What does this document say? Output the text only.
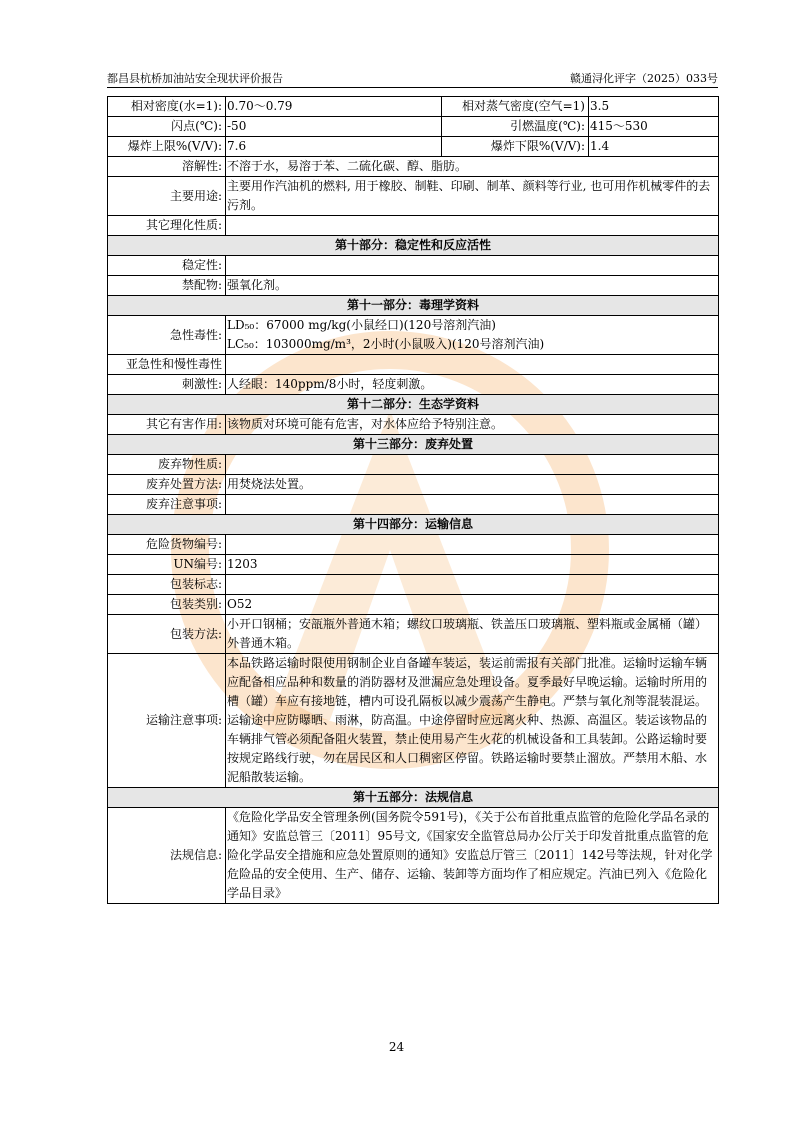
都昌县杭桥加油站安全现状评价报告	赣通浔化评字（2025）033号
相对密度(水=1):	0.70～0.79	相对蒸气密度(空气=1)	3.5
闪点(℃):	-50	引燃温度(℃):	415～530
爆炸上限%(V/V):	7.6	爆炸下限%(V/V):	1.4
溶解性:	不溶于水，易溶于苯、二硫化碳、醇、脂肪。		
主要用途:	主要用作汽油机的燃料, 用于橡胶、制鞋、印刷、制革、颜料等行业, 也可用作机械零件的去污剂。		
其它理化性质:			
第十部分：稳定性和反应活性			
稳定性:			
禁配物:	强氧化剂。		
第十一部分：毒理学资料			
急性毒性:	LD₅₀：67000 mg/kg(小鼠经口)(120号溶剂汽油)
LC₅₀：103000mg/m³，2小时(小鼠吸入)(120号溶剂汽油)		

亚急性和慢性毒性			
刺激性:	人经眼：140ppm/8小时，轻度刺激。		
第十二部分：生态学资料			
其它有害作用:	该物质对环境可能有危害，对水体应给予特别注意。		
第十三部分：废弃处置			
废弃物性质:			
废弃处置方法:	用焚烧法处置。		
废弃注意事项:			
第十四部分：运输信息			
危险货物编号:			
UN编号:	1203		
包装标志:			
包装类别:	O52		
包装方法:	小开口钢桶；安瓿瓶外普通木箱；螺纹口玻璃瓶、铁盖压口玻璃瓶、塑料瓶或金属桶（罐）外普通木箱。		
运输注意事项:	本品铁路运输时限使用钢制企业自备罐车装运，装运前需报有关部门批准。运输时运输车辆应配备相应品种和数量的消防器材及泄漏应急处理设备。夏季最好早晚运输。运输时所用的槽（罐）车应有接地链，槽内可设孔隔板以减少震荡产生静电。严禁与氧化剂等混装混运。运输途中应防曝晒、雨淋，防高温。中途停留时应远离火种、热源、高温区。装运该物品的车辆排气管必须配备阻火装置，禁止使用易产生火花的机械设备和工具装卸。公路运输时要按规定路线行驶，勿在居民区和人口稠密区停留。铁路运输时要禁止溜放。严禁用木船、水泥船散装运输。		
第十五部分：法规信息			
法规信息:	《危险化学品安全管理条例(国务院令591号)，《关于公布首批重点监管的危险化学品名录的通知》安监总管三〔2011〕95号文,《国家安全监管总局办公厅关于印发首批重点监管的危险化学品安全措施和应急处置原则的通知》安监总厅管三〔2011〕142号等法规，针对化学危险品的安全使用、生产、储存、运输、装卸等方面均作了相应规定。汽油已列入《危险化学品目录》		
24
